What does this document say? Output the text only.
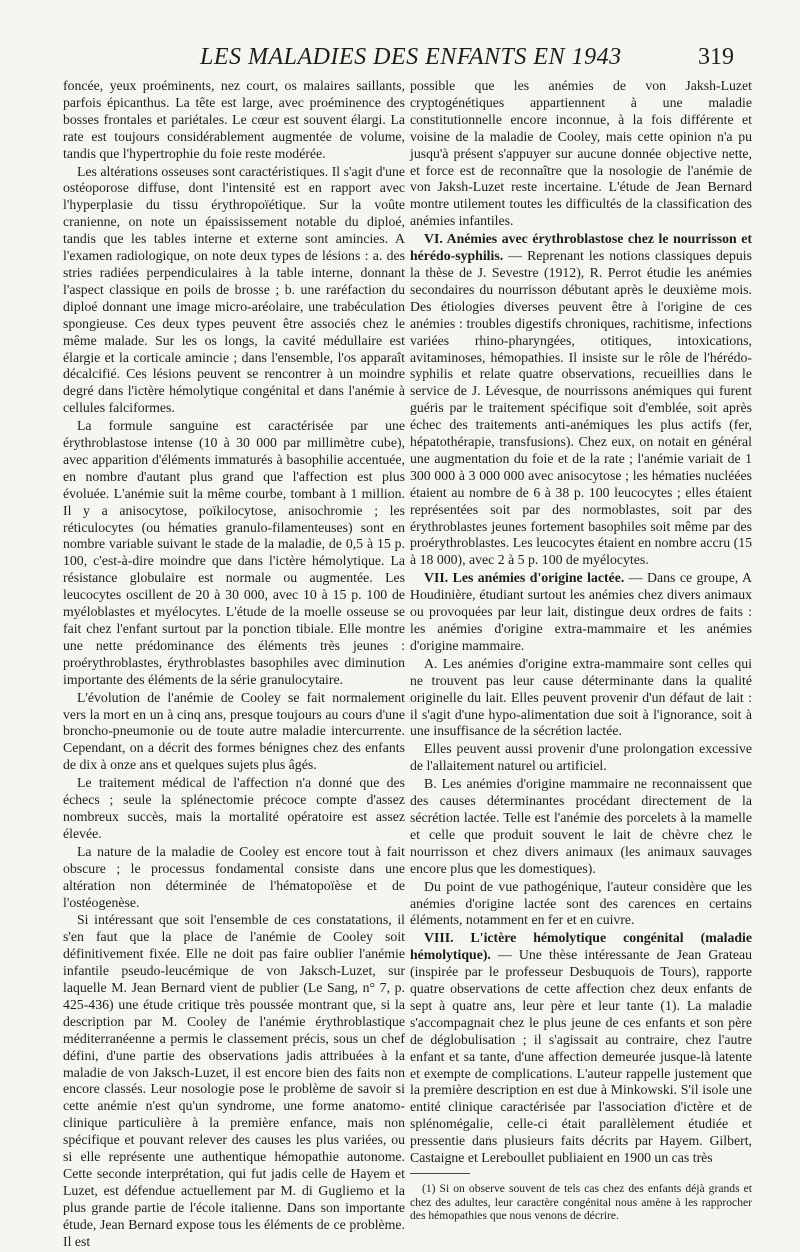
LES MALADIES DES ENFANTS EN 1943	319

foncée, yeux proéminents, nez court, os malaires saillants, parfois épicanthus. La tête est large, avec proéminence des bosses frontales et pariétales. Le cœur est souvent élargi. La rate est toujours considérablement augmentée de volume, tandis que l'hypertrophie du foie reste modérée.

Les altérations osseuses sont caractéristiques. Il s'agit d'une ostéoporose diffuse, dont l'intensité est en rapport avec l'hyperplasie du tissu érythropoïétique. Sur la voûte cranienne, on note un épaississement notable du diploé, tandis que les tables interne et externe sont amincies. A l'examen radiologique, on note deux types de lésions : a. des stries radiées perpendiculaires à la table interne, donnant l'aspect classique en poils de brosse ; b. une raréfaction du diploé donnant une image micro-aréolaire, une trabéculation spongieuse. Ces deux types peuvent être associés chez le même malade. Sur les os longs, la cavité médullaire est élargie et la corticale amincie ; dans l'ensemble, l'os apparaît décalcifié. Ces lésions peuvent se rencontrer à un moindre degré dans l'ictère hémolytique congénital et dans l'anémie à cellules falciformes.

La formule sanguine est caractérisée par une érythroblastose intense (10 à 30 000 par millimètre cube), avec apparition d'éléments immaturés à basophilie accentuée, en nombre d'autant plus grand que l'affection est plus évoluée. L'anémie suit la même courbe, tombant à 1 million. Il y a anisocytose, poïkilocytose, anisochromie ; les réticulocytes (ou hématies granulo-filamenteuses) sont en nombre variable suivant le stade de la maladie, de 0,5 à 15 p. 100, c'est-à-dire moindre que dans l'ictère hémolytique. La résistance globulaire est normale ou augmentée. Les leucocytes oscillent de 20 à 30 000, avec 10 à 15 p. 100 de myéloblastes et myélocytes. L'étude de la moelle osseuse se fait chez l'enfant surtout par la ponction tibiale. Elle montre une nette prédominance des éléments très jeunes : proérythroblastes, érythroblastes basophiles avec diminution importante des éléments de la série granulocytaire.

L'évolution de l'anémie de Cooley se fait normalement vers la mort en un à cinq ans, presque toujours au cours d'une broncho-pneumonie ou de toute autre maladie intercurrente. Cependant, on a décrit des formes bénignes chez des enfants de dix à onze ans et quelques sujets plus âgés.

Le traitement médical de l'affection n'a donné que des échecs ; seule la splénectomie précoce compte d'assez nombreux succès, mais la mortalité opératoire est assez élevée.

La nature de la maladie de Cooley est encore tout à fait obscure ; le processus fondamental consiste dans une altération non déterminée de l'hématopoïèse et de l'ostéogenèse.

Si intéressant que soit l'ensemble de ces constatations, il s'en faut que la place de l'anémie de Cooley soit définitivement fixée. Elle ne doit pas faire oublier l'anémie infantile pseudo-leucémique de von Jaksch-Luzet, sur laquelle M. Jean Bernard vient de publier (Le Sang, n° 7, p. 425-436) une étude critique très poussée montrant que, si la description par M. Cooley de l'anémie érythroblastique méditerranéenne a permis le classement précis, sous un chef défini, d'une partie des observations jadis attribuées à la maladie de von Jaksch-Luzet, il est encore bien des faits non encore classés. Leur nosologie pose le problème de savoir si cette anémie n'est qu'un syndrome, une forme anatomo-clinique particulière à la première enfance, mais non spécifique et pouvant relever des causes les plus variées, ou si elle représente une authentique hémopathie autonome. Cette seconde interprétation, qui fut jadis celle de Hayem et Luzet, est défendue actuellement par M. di Gugliemo et la plus grande partie de l'école italienne. Dans son importante étude, Jean Bernard expose tous les éléments de ce problème. Il est

possible que les anémies de von Jaksh-Luzet cryptogénétiques appartiennent à une maladie constitutionnelle encore inconnue, à la fois différente et voisine de la maladie de Cooley, mais cette opinion n'a pu jusqu'à présent s'appuyer sur aucune donnée objective nette, et force est de reconnaître que la nosologie de l'anémie de von Jaksh-Luzet reste incertaine. L'étude de Jean Bernard montre utilement toutes les difficultés de la classification des anémies infantiles.

VI. Anémies avec érythroblastose chez le nourrisson et hérédo-syphilis. — Reprenant les notions classiques depuis la thèse de J. Sevestre (1912), R. Perrot étudie les anémies secondaires du nourrisson débutant après le deuxième mois. Des étiologies diverses peuvent être à l'origine de ces anémies : troubles digestifs chroniques, rachitisme, infections variées rhino-pharyngées, otitiques, intoxications, avitaminoses, hémopathies. Il insiste sur le rôle de l'hérédo-syphilis et relate quatre observations, recueillies dans le service de J. Lévesque, de nourrissons anémiques qui furent guéris par le traitement spécifique soit d'emblée, soit après échec des traitements anti-anémiques les plus actifs (fer, hépatothérapie, transfusions). Chez eux, on notait en général une augmentation du foie et de la rate ; l'anémie variait de 1 300 000 à 3 000 000 avec anisocytose ; les hématies nucléées étaient au nombre de 6 à 38 p. 100 leucocytes ; elles étaient représentées soit par des normoblastes, soit par des érythroblastes jeunes fortement basophiles soit même par des proérythroblastes. Les leucocytes étaient en nombre accru (15 à 18 000), avec 2 à 5 p. 100 de myélocytes.

VII. Les anémies d'origine lactée. — Dans ce groupe, A Houdinière, étudiant surtout les anémies chez divers animaux ou provoquées par leur lait, distingue deux ordres de faits : les anémies d'origine extra-mammaire et les anémies d'origine mammaire.

A. Les anémies d'origine extra-mammaire sont celles qui ne trouvent pas leur cause déterminante dans la qualité originelle du lait. Elles peuvent provenir d'un défaut de lait : il s'agit d'une hypo-alimentation due soit à l'ignorance, soit à une insuffisance de la sécrétion lactée.

Elles peuvent aussi provenir d'une prolongation excessive de l'allaitement naturel ou artificiel.

B. Les anémies d'origine mammaire ne reconnaissent que des causes déterminantes procédant directement de la sécrétion lactée. Telle est l'anémie des porcelets à la mamelle et celle que produit souvent le lait de chèvre chez le nourrisson et chez divers animaux (les animaux sauvages encore plus que les domestiques).

Du point de vue pathogénique, l'auteur considère que les anémies d'origine lactée sont des carences en certains éléments, notamment en fer et en cuivre.

VIII. L'ictère hémolytique congénital (maladie hémolytique). — Une thèse intéressante de Jean Grateau (inspirée par le professeur Desbuquois de Tours), rapporte quatre observations de cette affection chez deux enfants de sept à quatre ans, leur père et leur tante (1). La maladie s'accompagnait chez le plus jeune de ces enfants et son père de déglobulisation ; il s'agissait au contraire, chez l'autre enfant et sa tante, d'une affection demeurée jusque-là latente et exempte de complications. L'auteur rappelle justement que la première description en est due à Minkowski. S'il isole une entité clinique caractérisée par l'association d'ictère et de splénomégalie, celle-ci était parallèlement étudiée et pressentie dans plusieurs faits décrits par Hayem. Gilbert, Castaigne et Lereboullet publiaient en 1900 un cas très

(1) Si on observe souvent de tels cas chez des enfants déjà grands et chez des adultes, leur caractère congénital nous amène à les rapprocher des hémopathies que nous venons de décrire.
